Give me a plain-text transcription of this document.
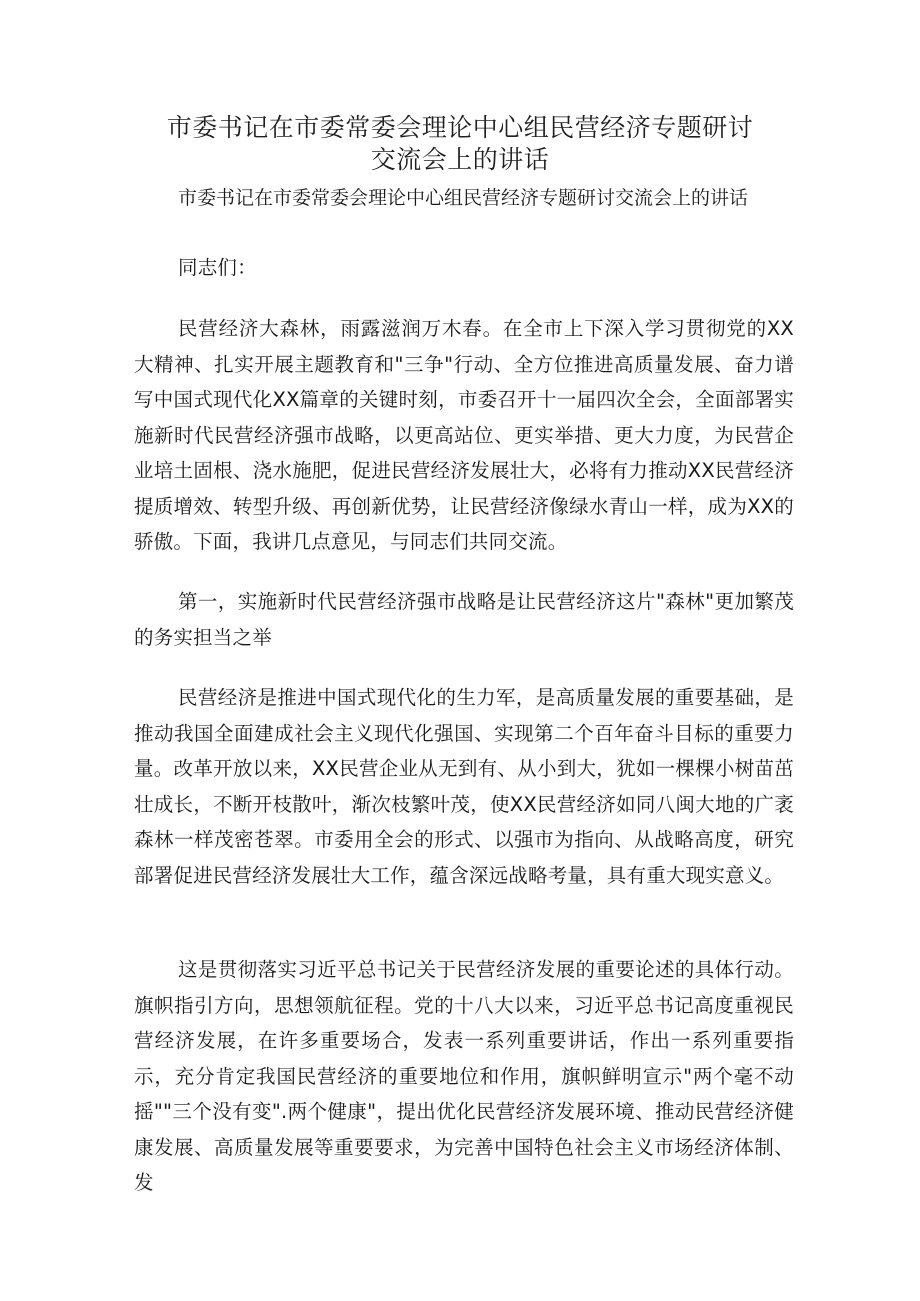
市委书记在市委常委会理论中心组民营经济专题研讨
交流会上的讲话

市委书记在市委常委会理论中心组民营经济专题研讨交流会上的讲话

同志们：

民营经济大森林，雨露滋润万木春。在全市上下深入学习贯彻党的XX大精神、扎实开展主题教育和"三争"行动、全方位推进高质量发展、奋力谱写中国式现代化XX篇章的关键时刻，市委召开十一届四次全会，全面部署实施新时代民营经济强市战略，以更高站位、更实举措、更大力度，为民营企业培土固根、浇水施肥，促进民营经济发展壮大，必将有力推动XX民营经济提质增效、转型升级、再创新优势，让民营经济像绿水青山一样，成为XX的骄傲。下面，我讲几点意见，与同志们共同交流。

第一，实施新时代民营经济强市战略是让民营经济这片"森林"更加繁茂的务实担当之举

民营经济是推进中国式现代化的生力军，是高质量发展的重要基础，是推动我国全面建成社会主义现代化强国、实现第二个百年奋斗目标的重要力量。改革开放以来，XX民营企业从无到有、从小到大，犹如一棵棵小树苗茁壮成长，不断开枝散叶，渐次枝繁叶茂，使XX民营经济如同八闽大地的广袤森林一样茂密苍翠。市委用全会的形式、以强市为指向、从战略高度，研究部署促进民营经济发展壮大工作，蕴含深远战略考量，具有重大现实意义。

这是贯彻落实习近平总书记关于民营经济发展的重要论述的具体行动。旗帜指引方向，思想领航征程。党的十八大以来，习近平总书记高度重视民营经济发展，在许多重要场合，发表一系列重要讲话，作出一系列重要指示，充分肯定我国民营经济的重要地位和作用，旗帜鲜明宣示"两个毫不动摇""三个没有变".两个健康"，提出优化民营经济发展环境、推动民营经济健康发展、高质量发展等重要要求，为完善中国特色社会主义市场经济体制、发
